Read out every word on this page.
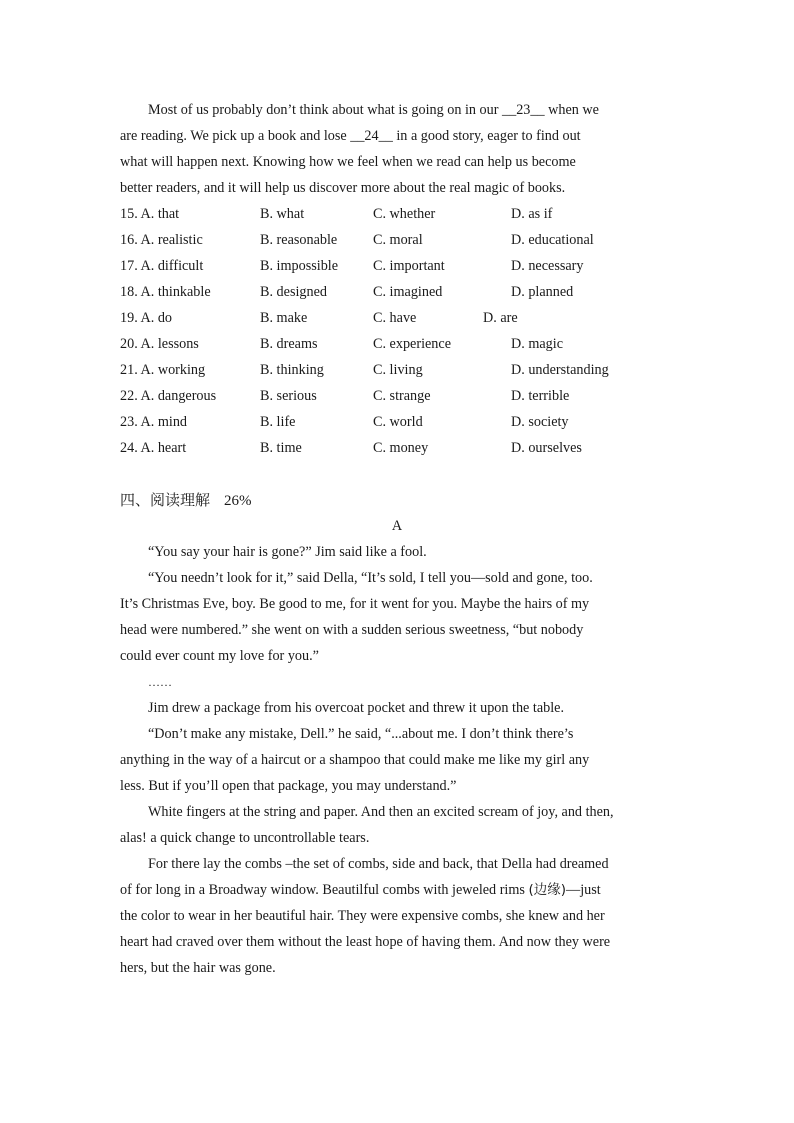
Most of us probably don’t think about what is going on in our __23__ when we
are reading. We pick up a book and lose __24__ in a good story, eager to find out
what will happen next. Knowing how we feel when we read can help us become
better readers, and it will help us discover more about the real magic of books.
15. A. that	B. what	C. whether	D. as if
16. A. realistic	B. reasonable	C. moral	D. educational
17. A. difficult	B. impossible C. important	D. necessary
18. A. thinkable	B. designed	C. imagined	D. planned
19. A. do	B. make	C. have	D. are
20. A. lessons	B. dreams	C. experience	D. magic
21. A. working	B. thinking	C. living	D. understanding
22. A. dangerous	B. serious	C. strange	D. terrible
23. A. mind	B. life	C. world	D. society
24. A. heart	B. time	C. money	D. ourselves
四、阅读理解 26%
A
“You say your hair is gone?” Jim said like a fool.
“You needn’t look for it,” said Della, “It’s sold, I tell you—sold and gone, too.
It’s Christmas Eve, boy. Be good to me, for it went for you. Maybe the hairs of my
head were numbered.” she went on with a sudden serious sweetness, “but nobody
could ever count my love for you.”
……
Jim drew a package from his overcoat pocket and threw it upon the table.
“Don’t make any mistake, Dell.” he said, “...about me. I don’t think there’s
anything in the way of a haircut or a shampoo that could make me like my girl any
less. But if you’ll open that package, you may understand.”
White fingers at the string and paper. And then an excited scream of joy, and then,
alas! a quick change to uncontrollable tears.
For there lay the combs –the set of combs, side and back, that Della had dreamed
of for long in a Broadway window. Beautilful combs with jeweled rims (边缘)—just
the color to wear in her beautiful hair. They were expensive combs, she knew and her
heart had craved over them without the least hope of having them. And now they were
hers, but the hair was gone.
